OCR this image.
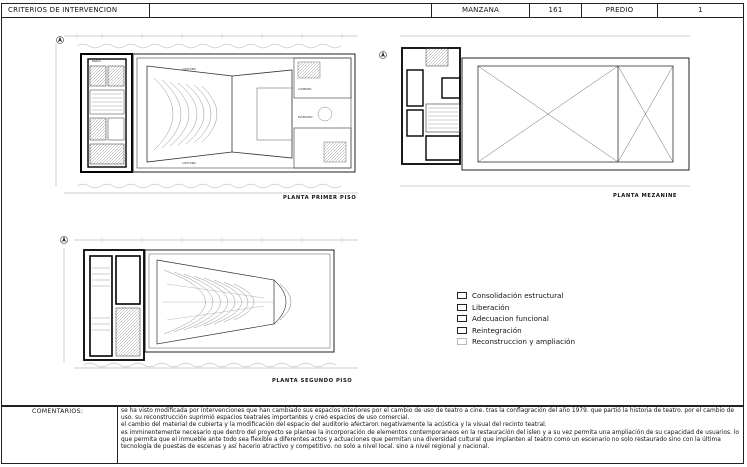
CRITERIOS DE INTERVENCION	MANZANA	161	PREDIO	1
AUDITORIO
AUDITORIO
CAMERINO
ESCENARIO
BAÑOS
PLANTA PRIMER PISO	PLANTA MEZANINE
PLANTA SEGUNDO PISO
Consolidación estructural
Liberación
Adecuacion funcional
Reintegración
Reconstruccion y ampliación
COMENTARIOS:	se ha visto modificada por intervenciones que han cambiado sus espacios interiores por el cambio de uso de teatro a cine. tras la conflagración del año 1979. que partió la historia de teatro. por el cambio de uso. su reconstrucción suprimió espacios teatrales importantes y creó espacios de uso comercial.

el cambio del material de cubierta y la modificación del espacio del auditorio afectaron negativamente la acústica y la visual del recinto teatral.

es imminentemente necesario que dentro del proyecto se plantee la incorporación de elementos contemporaneos en la restauración del islen y a su vez permita una ampliación de su capacidad de usuarios. lo que permita que el inmueble ante todo sea flexible a diferentes actos y actuaciones que permitan una diversidad cultural que implanten al teatro como un escenario no solo restaurado sino con la última tecnología de puestas de escenas y así hacerio atractivo y competitivo. no solo a nivel local. sino a nivel regional y nacional.
